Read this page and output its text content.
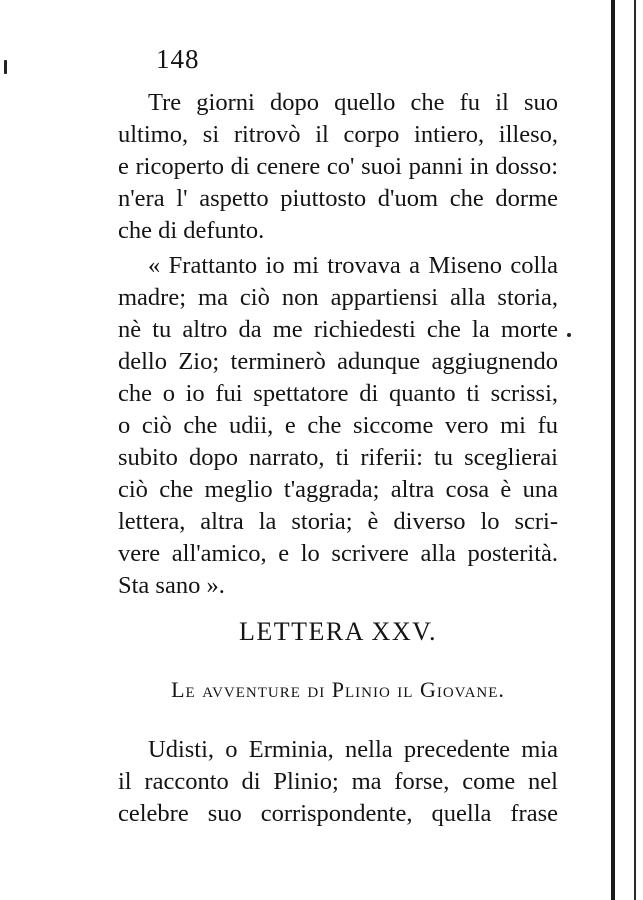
148
Tre giorni dopo quello che fu il suo
ultimo, si ritrovò il corpo intiero, illeso,
e ricoperto di cenere co' suoi panni in dosso:
n'era l' aspetto piuttosto d'uom che dorme
che di defunto.
« Frattanto io mi trovava a Miseno colla
madre; ma ciò non appartiensi alla storia,
nè tu altro da me richiedesti che la morte
dello Zio; terminerò adunque aggiugnendo
che o io fui spettatore di quanto ti scrissi,
o ciò che udii, e che siccome vero mi fu
subito dopo narrato, ti riferii: tu sceglierai
ciò che meglio t'aggrada; altra cosa è una
lettera, altra la storia; è diverso lo scri-
vere all'amico, e lo scrivere alla posterità.
Sta sano ».
LETTERA XXV.
Le avventure di Plinio il Giovane.
Udisti, o Erminia, nella precedente mia
il racconto di Plinio; ma forse, come nel
celebre suo corrispondente, quella frase
